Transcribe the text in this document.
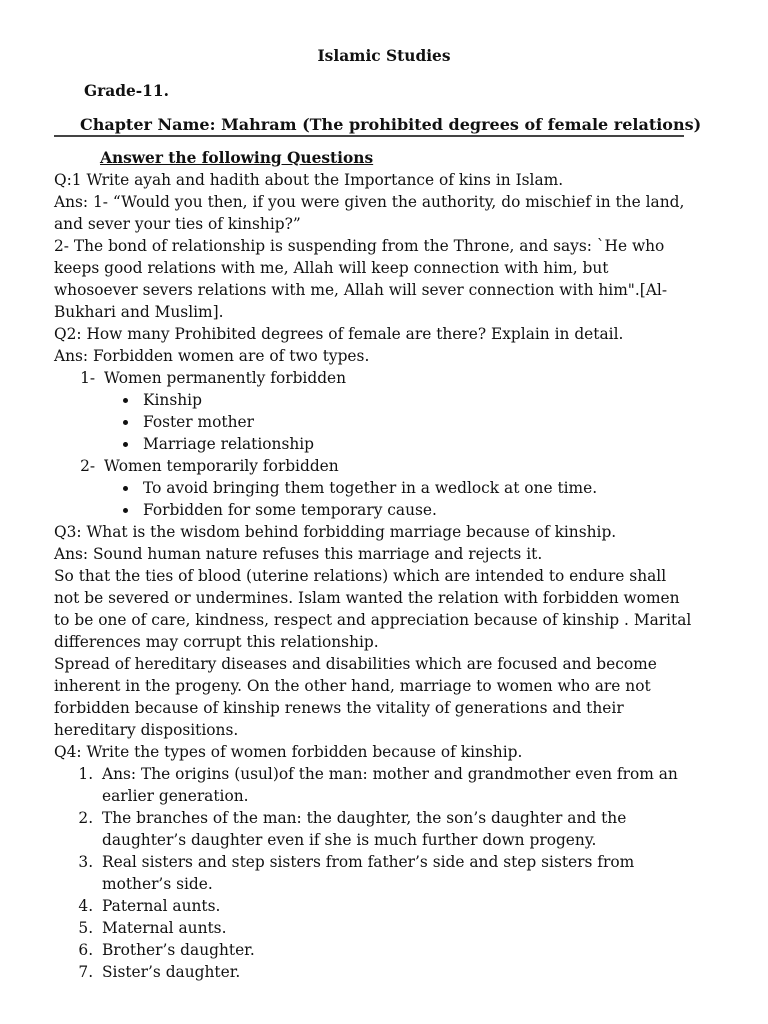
Islamic Studies
Grade-11.
Chapter Name: Mahram (The prohibited degrees of female relations)
Answer the following Questions

Q:1 Write ayah and hadith about the Importance of kins in Islam.

Ans: 1- “Would you then, if you were given the authority, do mischief in the land, and sever your ties of kinship?”

2- The bond of relationship is suspending from the Throne, and says: `He who keeps good relations with me, Allah will keep connection with him, but whosoever severs relations with me, Allah will sever connection with him".[Al-Bukhari and Muslim].

Q2: How many Prohibited degrees of female are there? Explain in detail.

Ans: Forbidden women are of two types.

1. Women permanently forbidden
Kinship
Foster mother
Marriage relationship
2. Women temporarily forbidden
To avoid bringing them together in a wedlock at one time.
Forbidden for some temporary cause.

Q3: What is the wisdom behind forbidding marriage because of kinship.

Ans: Sound human nature refuses this marriage and rejects it.

So that the ties of blood (uterine relations) which are intended to endure shall not be severed or undermines. Islam wanted the relation with forbidden women to be one of care, kindness, respect and appreciation because of kinship . Marital differences may corrupt this relationship.

Spread of hereditary diseases and disabilities which are focused and become inherent in the progeny. On the other hand, marriage to women who are not forbidden because of kinship renews the vitality of generations and their hereditary dispositions.

Q4: Write the types of women forbidden because of kinship.

1. Ans: The origins (usul)of the man: mother and grandmother even from an earlier generation.
2. The branches of the man: the daughter, the son’s daughter and the daughter’s daughter even if she is much further down progeny.
3. Real sisters and step sisters from father’s side and step sisters from mother’s side.
4. Paternal aunts.
5. Maternal aunts.
6. Brother’s daughter.
7. Sister’s daughter.
